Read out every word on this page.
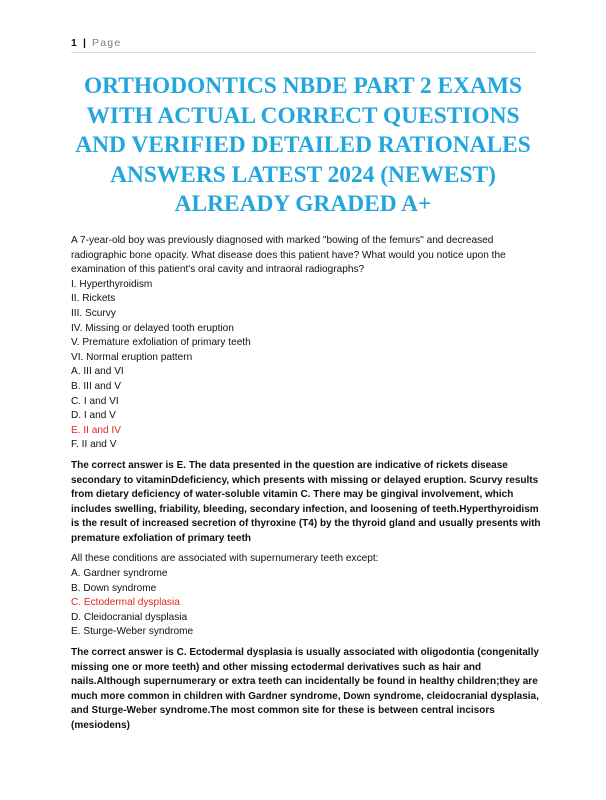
1 | Page
ORTHODONTICS NBDE PART 2 EXAMS WITH ACTUAL CORRECT QUESTIONS AND VERIFIED DETAILED RATIONALES ANSWERS LATEST 2024 (NEWEST) ALREADY GRADED A+

A 7-year-old boy was previously diagnosed with marked "bowing of the femurs" and decreased radiographic bone opacity. What disease does this patient have? What would you notice upon the examination of this patient's oral cavity and intraoral radiographs?

I. Hyperthyroidism
II. Rickets
III. Scurvy
IV. Missing or delayed tooth eruption
V. Premature exfoliation of primary teeth
VI. Normal eruption pattern
A. III and VI
B. III and V
C. I and VI
D. I and V
E. II and IV
F. II and V

The correct answer is E. The data presented in the question are indicative of rickets disease secondary to vitaminDdeficiency, which presents with missing or delayed eruption. Scurvy results from dietary deficiency of water-soluble vitamin C. There may be gingival involvement, which includes swelling, friability, bleeding, secondary infection, and loosening of teeth.Hyperthyroidism is the result of increased secretion of thyroxine (T4) by the thyroid gland and usually presents with premature exfoliation of primary teeth

All these conditions are associated with supernumerary teeth except:

A. Gardner syndrome
B. Down syndrome
C. Ectodermal dysplasia
D. Cleidocranial dysplasia
E. Sturge-Weber syndrome

The correct answer is C. Ectodermal dysplasia is usually associated with oligodontia (congenitally missing one or more teeth) and other missing ectodermal derivatives such as hair and nails.Although supernumerary or extra teeth can incidentally be found in healthy children;they are much more common in children with Gardner syndrome, Down syndrome, cleidocranial dysplasia, and Sturge-Weber syndrome.The most common site for these is between central incisors (mesiodens)
